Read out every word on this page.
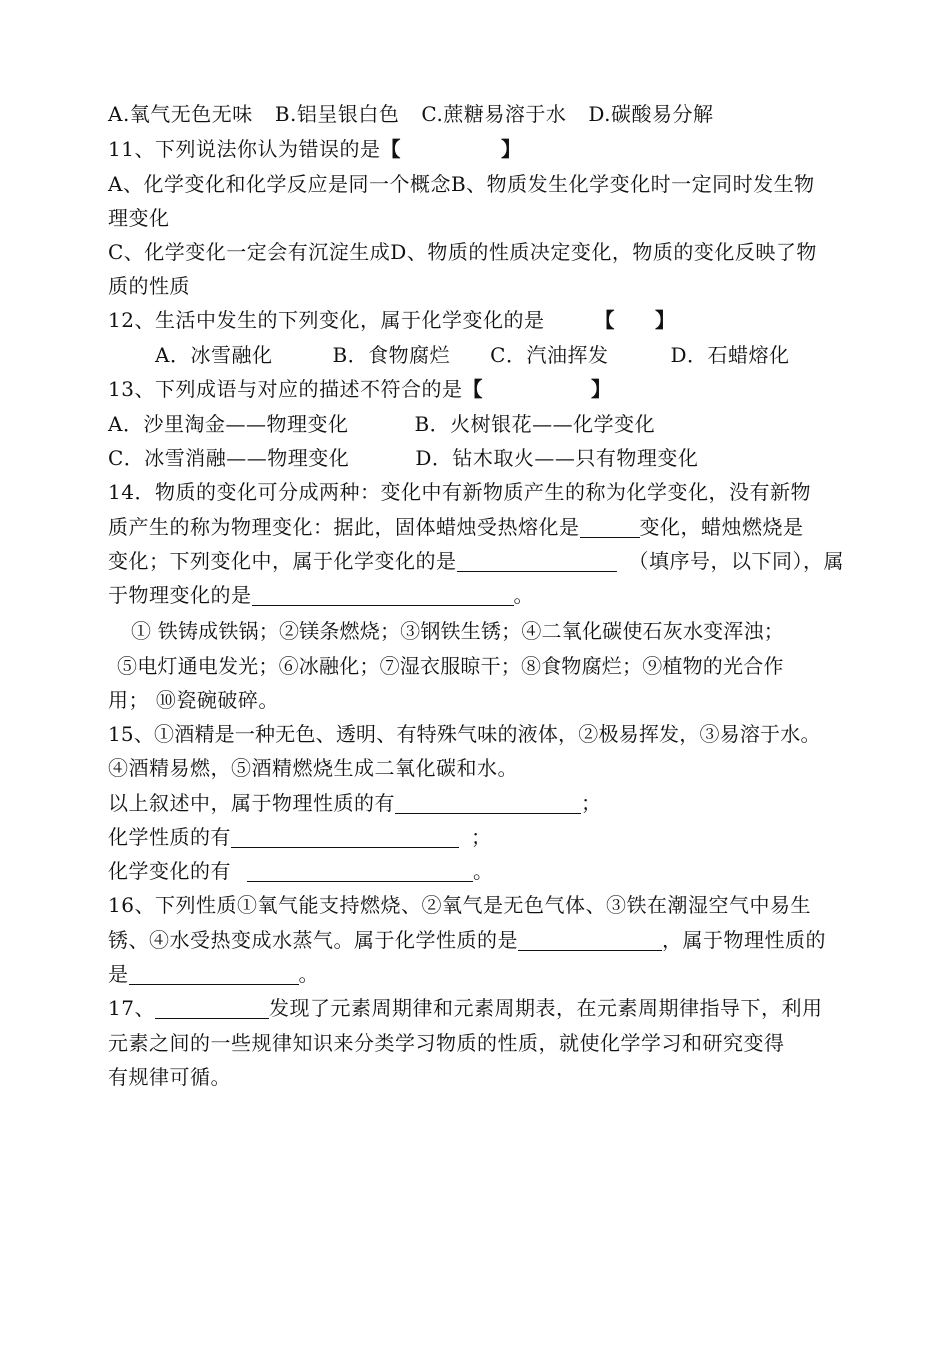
A.氧气无色无味 B.铝呈银白色 C.蔗糖易溶于水 D.碳酸易分解
11、下列说法你认为错误的是【	】
A、化学变化和化学反应是同一个概念B、物质发生化学变化时一定同时发生物
理变化
C、化学变化一定会有沉淀生成D、物质的性质决定变化，物质的变化反映了物
质的性质
12、生活中发生的下列变化，属于化学变化的是	【 】
A．冰雪融化	B．食物腐烂 C．汽油挥发	D．石蜡熔化
13、下列成语与对应的描述不符合的是【	】
A．沙里淘金——物理变化	B．火树银花——化学变化
C．冰雪消融——物理变化	D．钻木取火——只有物理变化
14．物质的变化可分成两种：变化中有新物质产生的称为化学变化，没有新物
质产生的称为物理变化：据此，固体蜡烛受热熔化是	变化，蜡烛燃烧是
变化；下列变化中，属于化学变化的是	（填序号，以下同），属
于物理变化的是	。
① 铁铸成铁锅；②镁条燃烧；③钢铁生锈；④二氧化碳使石灰水变浑浊；
⑤电灯通电发光；⑥冰融化；⑦湿衣服晾干；⑧食物腐烂；⑨植物的光合作
用； ⑩瓷碗破碎。
15、①酒精是一种无色、透明、有特殊气味的液体，②极易挥发，③易溶于水。
④酒精易燃，⑤酒精燃烧生成二氧化碳和水。
以上叙述中，属于物理性质的有	；
化学性质的有	；
化学变化的有	。
16、下列性质①氧气能支持燃烧、②氧气是无色气体、③铁在潮湿空气中易生
锈、④水受热变成水蒸气。属于化学性质的是	，属于物理性质的
是	。
17、	发现了元素周期律和元素周期表，在元素周期律指导下，利用
元素之间的一些规律知识来分类学习物质的性质，就使化学学习和研究变得
有规律可循。
